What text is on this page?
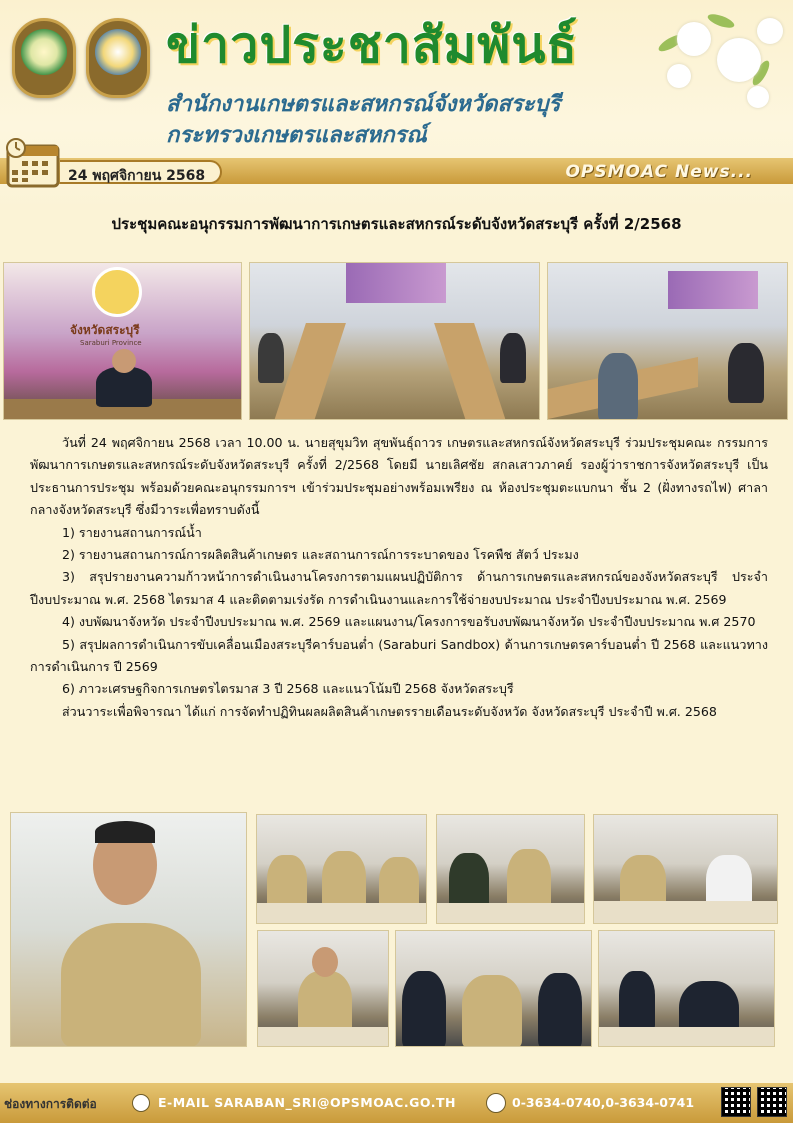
ข่าวประชาสัมพันธ์
สำนักงานเกษตรและสหกรณ์จังหวัดสระบุรี
กระทรวงเกษตรและสหกรณ์
24 พฤศจิกายน 2568	OPSMOAC News...
ประชุมคณะอนุกรรมการพัฒนาการเกษตรและสหกรณ์ระดับจังหวัดสระบุรี ครั้งที่ 2/2568
จังหวัดสระบุรี
Saraburi Province

วันที่ 24 พฤศจิกายน 2568 เวลา 10.00 น. นายสุขุมวิท สุขพันธุ์ถาวร เกษตรและสหกรณ์จังหวัดสระบุรี ร่วมประชุมคณะ กรรมการพัฒนาการเกษตรและสหกรณ์ระดับจังหวัดสระบุรี ครั้งที่ 2/2568 โดยมี นายเลิศชัย สกลเสาวภาคย์ รองผู้ว่าราชการจังหวัดสระบุรี เป็นประธานการประชุม พร้อมด้วยคณะอนุกรรมการฯ เข้าร่วมประชุมอย่างพร้อมเพรียง ณ ห้องประชุมตะแบกนา ชั้น 2 (ฝั่งทางรถไฟ) ศาลากลางจังหวัดสระบุรี ซึ่งมีวาระเพื่อทราบดังนี้

1) รายงานสถานการณ์น้ำ

2) รายงานสถานการณ์การผลิตสินค้าเกษตร และสถานการณ์การระบาดของ โรคพืช สัตว์ ประมง

3) สรุปรายงานความก้าวหน้าการดำเนินงานโครงการตามแผนปฏิบัติการ ด้านการเกษตรและสหกรณ์ของจังหวัดสระบุรี ประจำปีงบประมาณ พ.ศ. 2568 ไตรมาส 4 และติดตามเร่งรัด การดำเนินงานและการใช้จ่ายงบประมาณ ประจำปีงบประมาณ พ.ศ. 2569

4) งบพัฒนาจังหวัด ประจำปีงบประมาณ พ.ศ. 2569 และแผนงาน/โครงการขอรับงบพัฒนาจังหวัด ประจำปีงบประมาณ พ.ศ 2570

5) สรุปผลการดำเนินการขับเคลื่อนเมืองสระบุรีคาร์บอนต่ำ (Saraburi Sandbox) ด้านการเกษตรคาร์บอนต่ำ ปี 2568 และแนวทางการดำเนินการ ปี 2569

6) ภาวะเศรษฐกิจการเกษตรไตรมาส 3 ปี 2568 และแนวโน้มปี 2568 จังหวัดสระบุรี

ส่วนวาระเพื่อพิจารณา ได้แก่ การจัดทำปฏิทินผลผลิตสินค้าเกษตรรายเดือนระดับจังหวัด จังหวัดสระบุรี ประจำปี พ.ศ. 2568

ช่องทางการติดต่อ	E-MAIL SARABAN_SRI@OPSMOAC.GO.TH	0-3634-0740,0-3634-0741
